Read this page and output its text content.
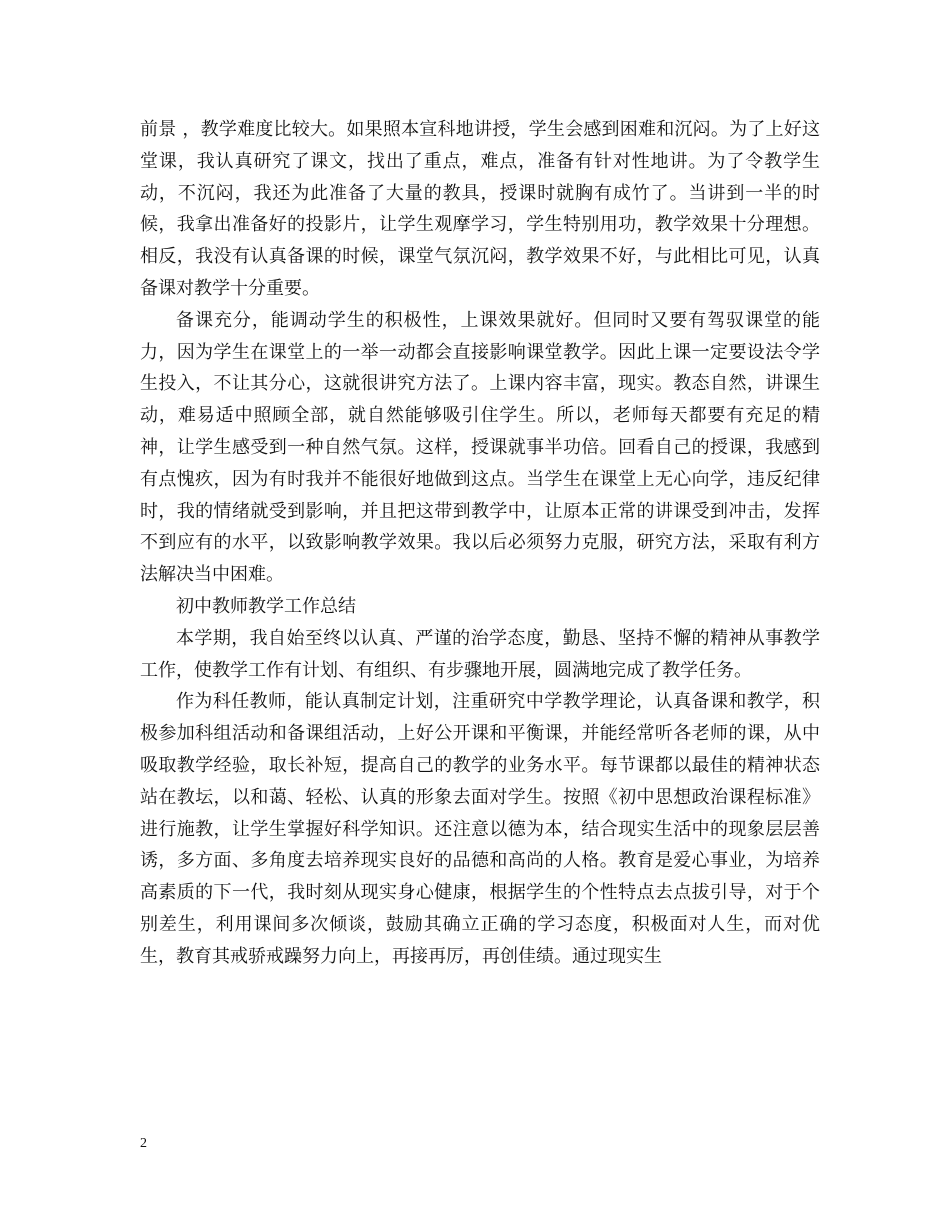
前景 ，教学难度比较大。如果照本宣科地讲授，学生会感到困难和沉闷。为了上好这堂课，我认真研究了课文，找出了重点，难点，准备有针对性地讲。为了令教学生动，不沉闷，我还为此准备了大量的教具，授课时就胸有成竹了。当讲到一半的时候，我拿出准备好的投影片，让学生观摩学习，学生特别用功，教学效果十分理想。相反，我没有认真备课的时候，课堂气氛沉闷，教学效果不好，与此相比可见，认真备课对教学十分重要。

备课充分，能调动学生的积极性，上课效果就好。但同时又要有驾驭课堂的能力，因为学生在课堂上的一举一动都会直接影响课堂教学。因此上课一定要设法令学生投入，不让其分心，这就很讲究方法了。上课内容丰富，现实。教态自然，讲课生动，难易适中照顾全部，就自然能够吸引住学生。所以，老师每天都要有充足的精神，让学生感受到一种自然气氛。这样，授课就事半功倍。回看自己的授课，我感到有点愧疚，因为有时我并不能很好地做到这点。当学生在课堂上无心向学，违反纪律时，我的情绪就受到影响，并且把这带到教学中，让原本正常的讲课受到冲击，发挥不到应有的水平，以致影响教学效果。我以后必须努力克服，研究方法，采取有利方法解决当中困难。

初中教师教学工作总结

本学期，我自始至终以认真、严谨的治学态度，勤恳、坚持不懈的精神从事教学工作，使教学工作有计划、有组织、有步骤地开展，圆满地完成了教学任务。

作为科任教师，能认真制定计划，注重研究中学教学理论，认真备课和教学，积极参加科组活动和备课组活动，上好公开课和平衡课，并能经常听各老师的课，从中吸取教学经验，取长补短，提高自己的教学的业务水平。每节课都以最佳的精神状态站在教坛，以和蔼、轻松、认真的形象去面对学生。按照《初中思想政治课程标准》进行施教，让学生掌握好科学知识。还注意以德为本，结合现实生活中的现象层层善诱，多方面、多角度去培养现实良好的品德和高尚的人格。教育是爱心事业，为培养高素质的下一代，我时刻从现实身心健康，根据学生的个性特点去点拔引导，对于个别差生，利用课间多次倾谈，鼓励其确立正确的学习态度，积极面对人生，而对优生，教育其戒骄戒躁努力向上，再接再厉，再创佳绩。通过现实生

2
